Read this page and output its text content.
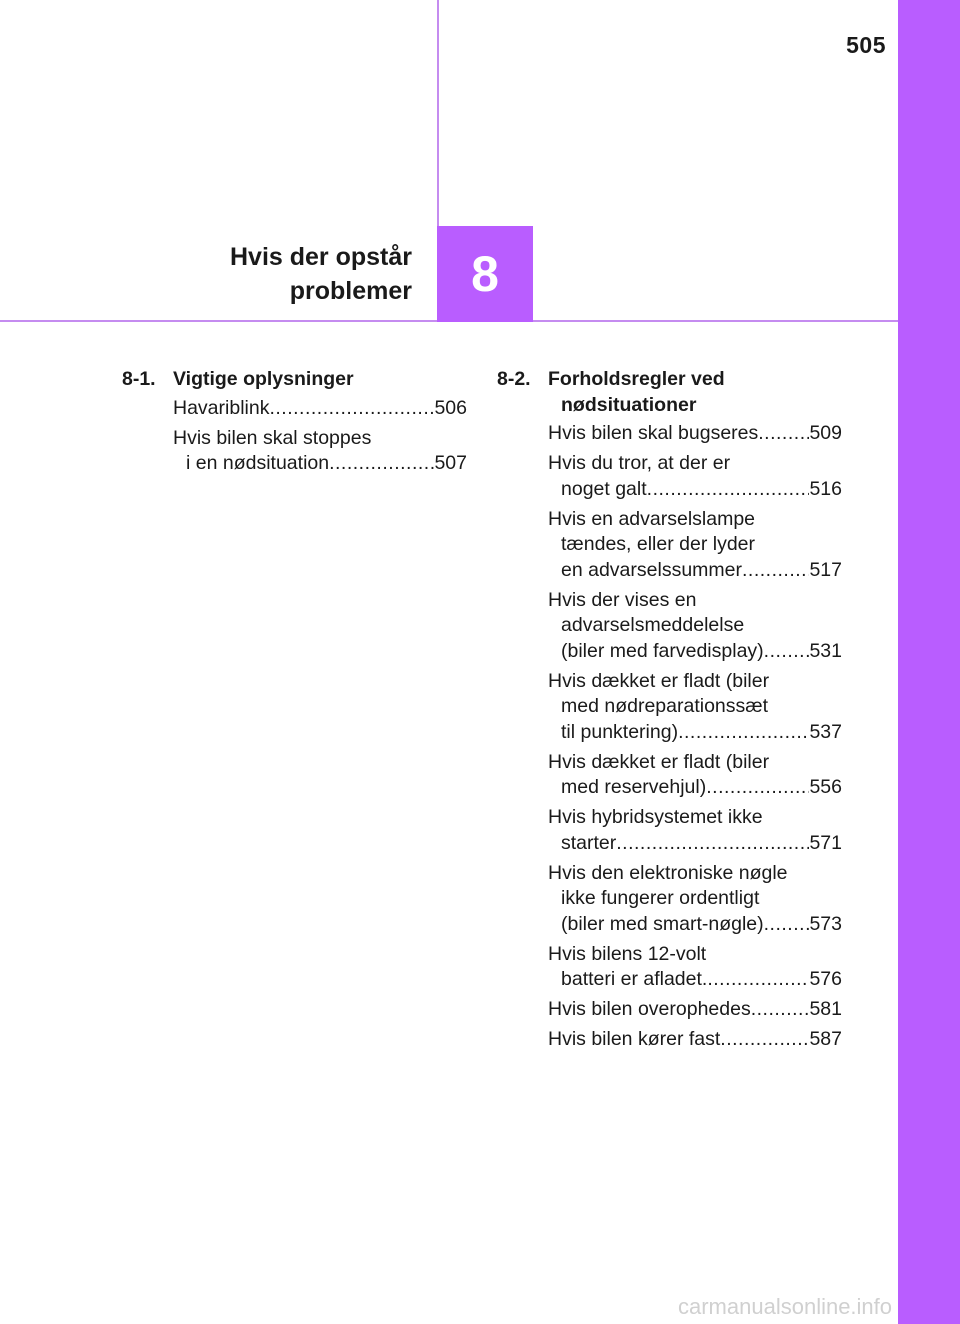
505
Hvis der opstår
problemer 8
8-1. Vigtige oplysninger
Havariblink .....	506
Hvis bilen skal stoppes
i en nødsituation .....	507
8-2. Forholdsregler ved
nødsituationer
Hvis bilen skal bugseres .....	509
Hvis du tror, at der er
noget galt .....	516
Hvis en advarselslampe
tændes, eller der lyder
en advarselssummer .....	517
Hvis der vises en
advarselsmeddelelse
(biler med farvedisplay) ..... 531
Hvis dækket er fladt (biler
med nødreparationssæt
til punktering) .....	537
Hvis dækket er fladt (biler
med reservehjul) .....	556
Hvis hybridsystemet ikke
starter .....	571
Hvis den elektroniske nøgle
ikke fungerer ordentligt
(biler med smart-nøgle) ..... 573
Hvis bilens 12-volt
batteri er afladet. .....	576
Hvis bilen overophedes .....	581
Hvis bilen kører fast .....	587
carmanualsonline.info
